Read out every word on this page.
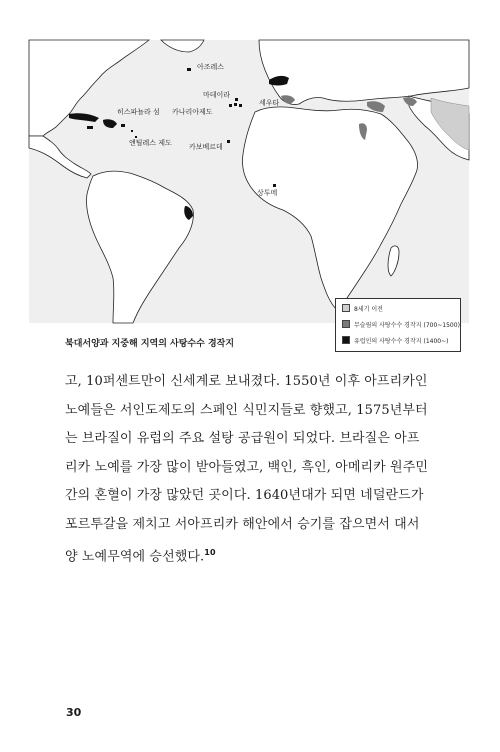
아조레스
마데이라
카나리아제도
세우타
히스파뇰라 섬
앤틸레스 제도 카보베르데
상투메
8세기 이전
무슬림의 사탕수수 경작지 (700~1500)
유럽인의 사탕수수 경작지 (1400~)
북대서양과 지중해 지역의 사탕수수 경작지
고, 10퍼센트만이 신세계로 보내졌다. 1550년 이후 아프리카인
노예들은 서인도제도의 스페인 식민지들로 향했고, 1575년부터
는 브라질이 유럽의 주요 설탕 공급원이 되었다. 브라질은 아프
리카 노예를 가장 많이 받아들였고, 백인, 흑인, 아메리카 원주민
간의 혼혈이 가장 많았던 곳이다. 1640년대가 되면 네덜란드가
포르투갈을 제치고 서아프리카 해안에서 승기를 잡으면서 대서
양 노예무역에 승선했다.$^{10}$
30
